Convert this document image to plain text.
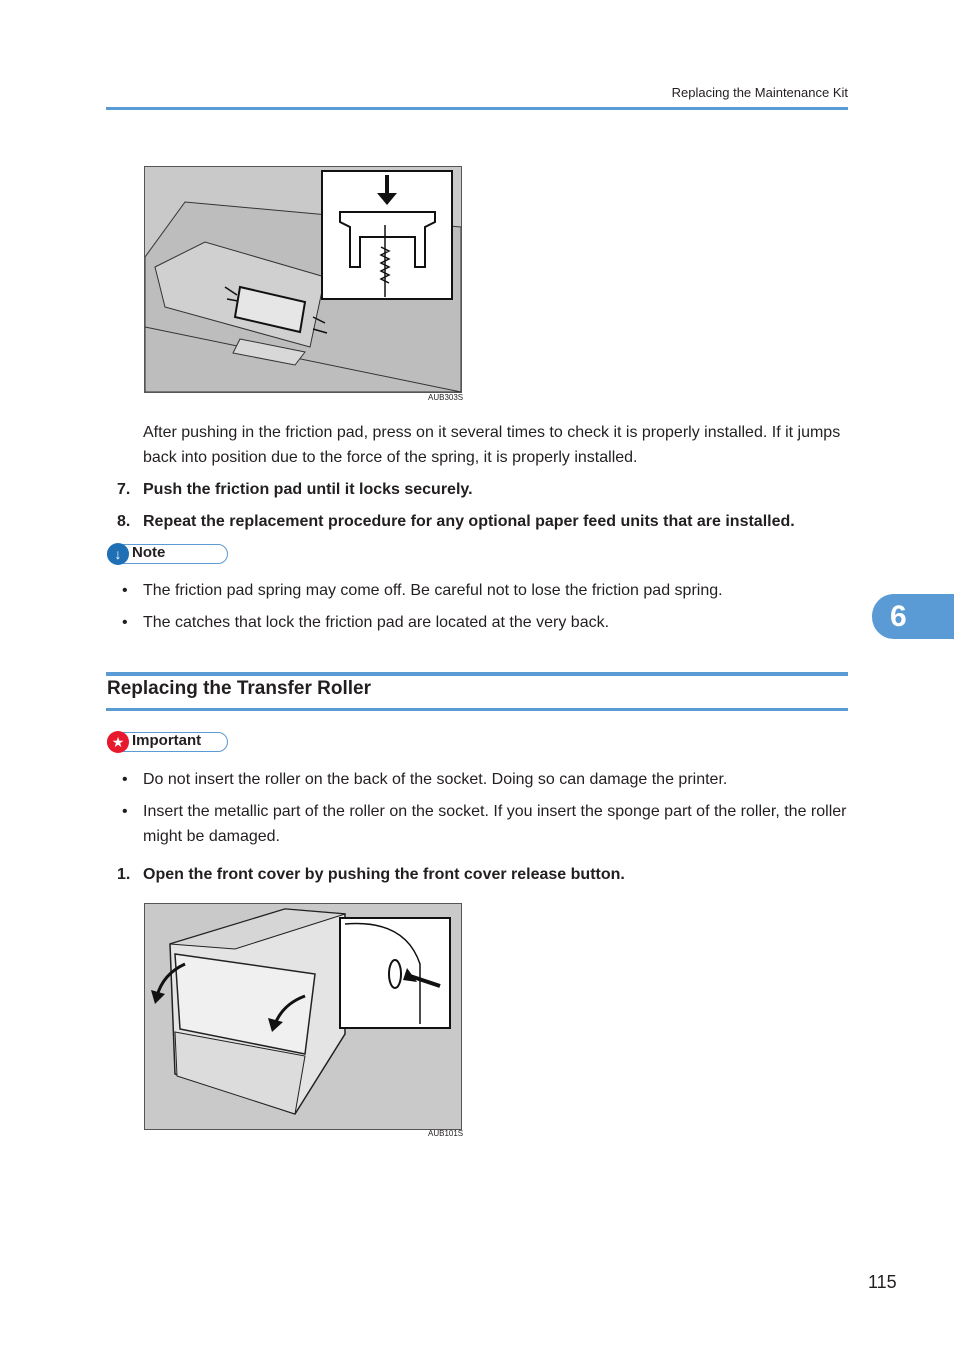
Replacing the Maintenance Kit
AUB303S
After pushing in the friction pad, press on it several times to check it is properly installed. If it jumps
back into position due to the force of the spring, it is properly installed.
7. Push the friction pad until it locks securely.
8. Repeat the replacement procedure for any optional paper feed units that are installed.
↓ Note
• The friction pad spring may come off. Be careful not to lose the friction pad spring.
• The catches that lock the friction pad are located at the very back.	6
Replacing the Transfer Roller
★ Important
• Do not insert the roller on the back of the socket. Doing so can damage the printer.
• Insert the metallic part of the roller on the socket. If you insert the sponge part of the roller, the roller might be damaged.
1. Open the front cover by pushing the front cover release button.
AUB101S
115
